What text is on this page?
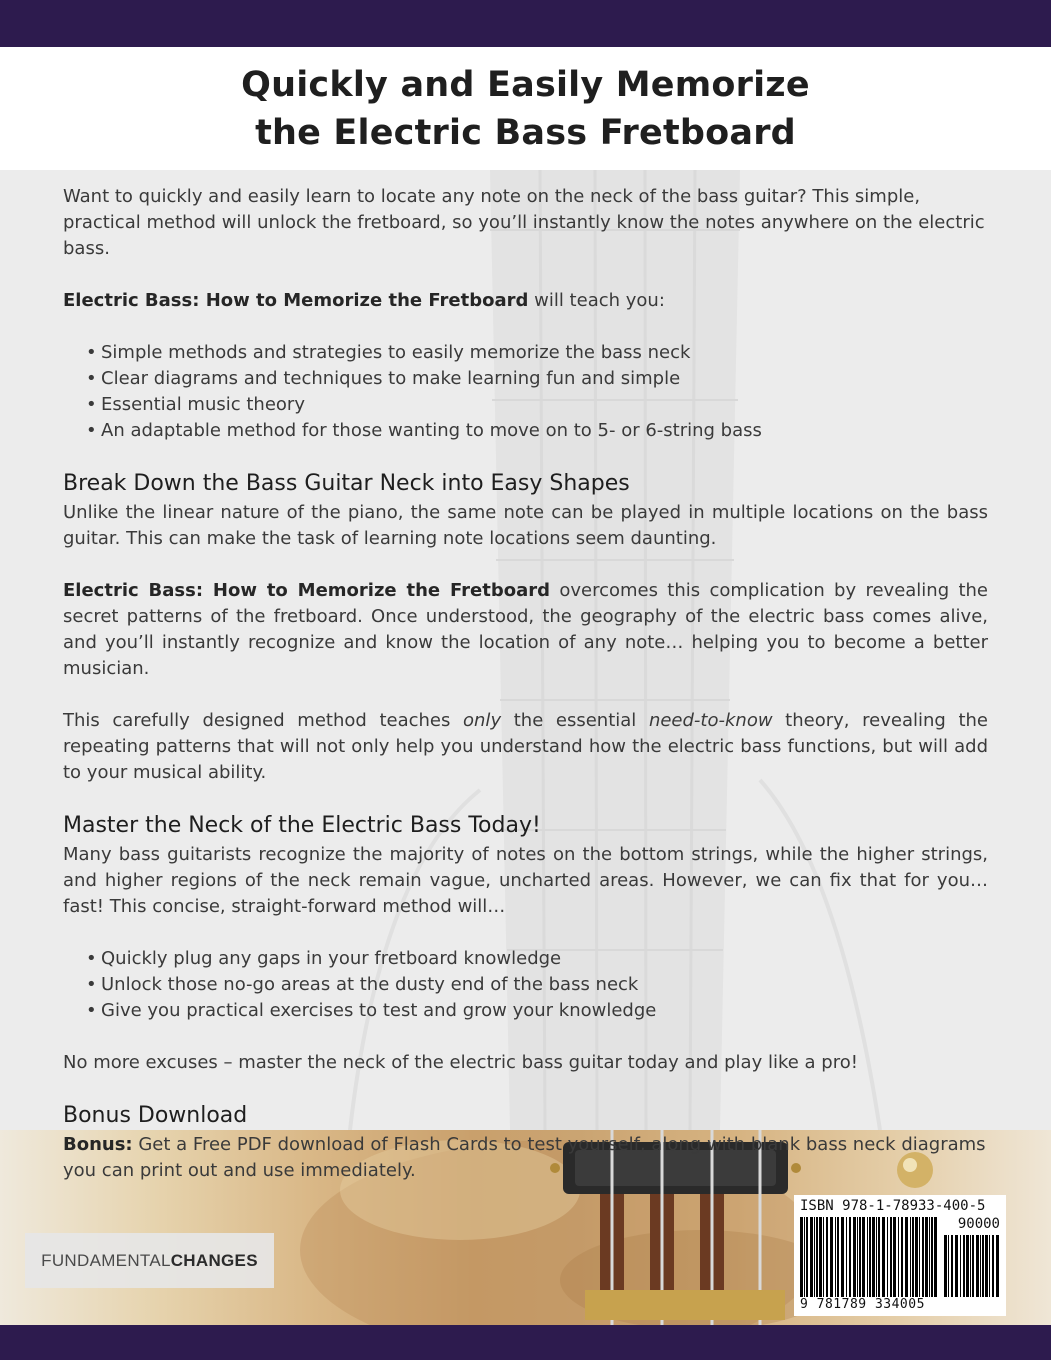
Quickly and Easily Memorize
the Electric Bass Fretboard

Want to quickly and easily learn to locate any note on the neck of the bass guitar? This simple, practical method will unlock the fretboard, so you’ll instantly know the notes anywhere on the electric bass.

Electric Bass: How to Memorize the Fretboard will teach you:

• Simple methods and strategies to easily memorize the bass neck
• Clear diagrams and techniques to make learning fun and simple
• Essential music theory
• An adaptable method for those wanting to move on to 5- or 6-string bass
Break Down the Bass Guitar Neck into Easy Shapes

Unlike the linear nature of the piano, the same note can be played in multiple locations on the bass guitar. This can make the task of learning note locations seem daunting.

Electric Bass: How to Memorize the Fretboard overcomes this complication by revealing the secret patterns of the fretboard. Once understood, the geography of the electric bass comes alive, and you’ll instantly recognize and know the location of any note… helping you to become a better musician.

This carefully designed method teaches only the essential need-to-know theory, revealing the repeating patterns that will not only help you understand how the electric bass functions, but will add to your musical ability.

Master the Neck of the Electric Bass Today!

Many bass guitarists recognize the majority of notes on the bottom strings, while the higher strings, and higher regions of the neck remain vague, uncharted areas. However, we can fix that for you… fast! This concise, straight-forward method will…

• Quickly plug any gaps in your fretboard knowledge
• Unlock those no-go areas at the dusty end of the bass neck
• Give you practical exercises to test and grow your knowledge

No more excuses – master the neck of the electric bass guitar today and play like a pro!

Bonus Download

Bonus: Get a Free PDF download of Flash Cards to test yourself, along with blank bass neck diagrams you can print out and use immediately.

FUNDAMENTAL CHANGES
ISBN 978-1-78933-400-5
90000
9 781789 334005
